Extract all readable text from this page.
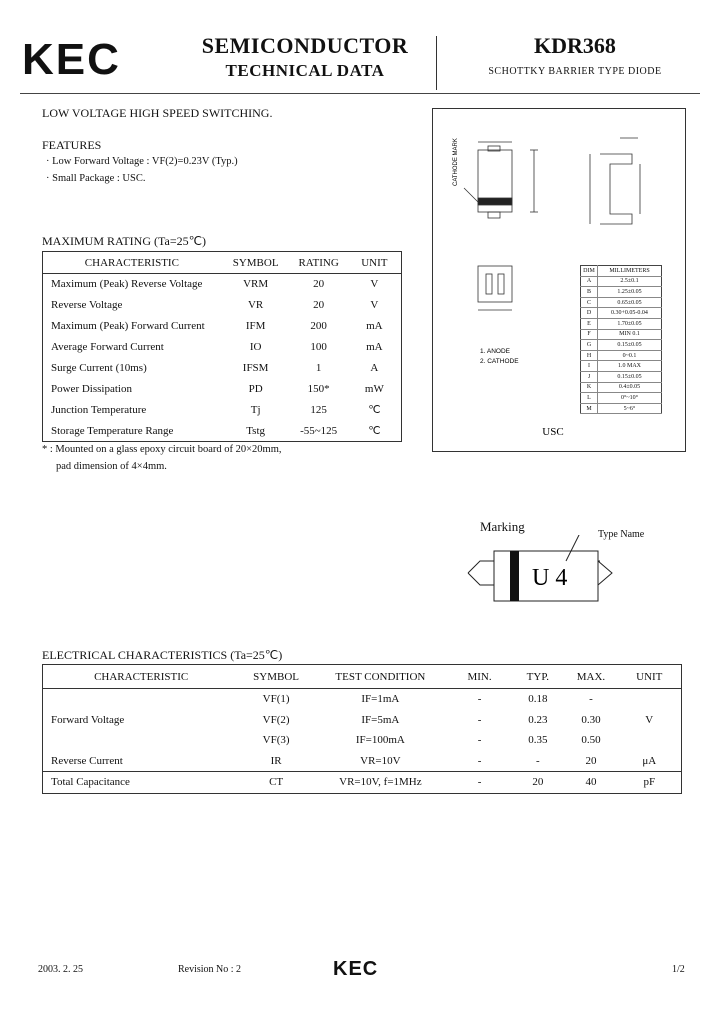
KEC	SEMICONDUCTOR
TECHNICAL DATA
KDR368
SCHOTTKY BARRIER TYPE DIODE
LOW VOLTAGE HIGH SPEED SWITCHING.
FEATURES
· Low Forward Voltage : VF(2)=0.23V (Typ.)
· Small Package : USC.
MAXIMUM RATING (Ta=25℃)
CHARACTERISTIC	SYMBOL	RATING	UNIT
Maximum (Peak) Reverse Voltage	VRM	20	V
Reverse Voltage	VR	20	V
Maximum (Peak) Forward Current	IFM	200	mA
Average Forward Current	IO	100	mA
Surge Current (10ms)	IFSM	1	A
Power Dissipation	PD	150*	mW
Junction Temperature	Tj	125	℃
Storage Temperature Range	Tstg	-55~125	℃
* : Mounted on a glass epoxy circuit board of 20×20mm,
pad dimension of 4×4mm.
CATHODE MARK
1. ANODE
2. CATHODE
USC
DIM	MILLIMETERS
A	2.5±0.1
B	1.25±0.05
C	0.65±0.05
D	0.30+0.05-0.04
E	1.70±0.05
F	MIN 0.1
G	0.15±0.05
H	0~0.1
I	1.0 MAX
J	0.15±0.05
K	0.4±0.05
L	0°~10°
M	5~6°
Marking
Type Name
U 4
ELECTRICAL CHARACTERISTICS (Ta=25℃)
CHARACTERISTIC	SYMBOL	TEST CONDITION	MIN.	TYP.	MAX.	UNIT
Forward Voltage	VF(1)	IF=1mA	-	0.18	-	V
	VF(2)	IF=5mA	-	0.23	0.30	
	VF(3)	IF=100mA	-	0.35	0.50	
Reverse Current	IR	VR=10V	-	-	20	μA
Total Capacitance	CT	VR=10V, f=1MHz	-	20	40	pF
2003. 2. 25	Revision No : 2	KEC	1/2
